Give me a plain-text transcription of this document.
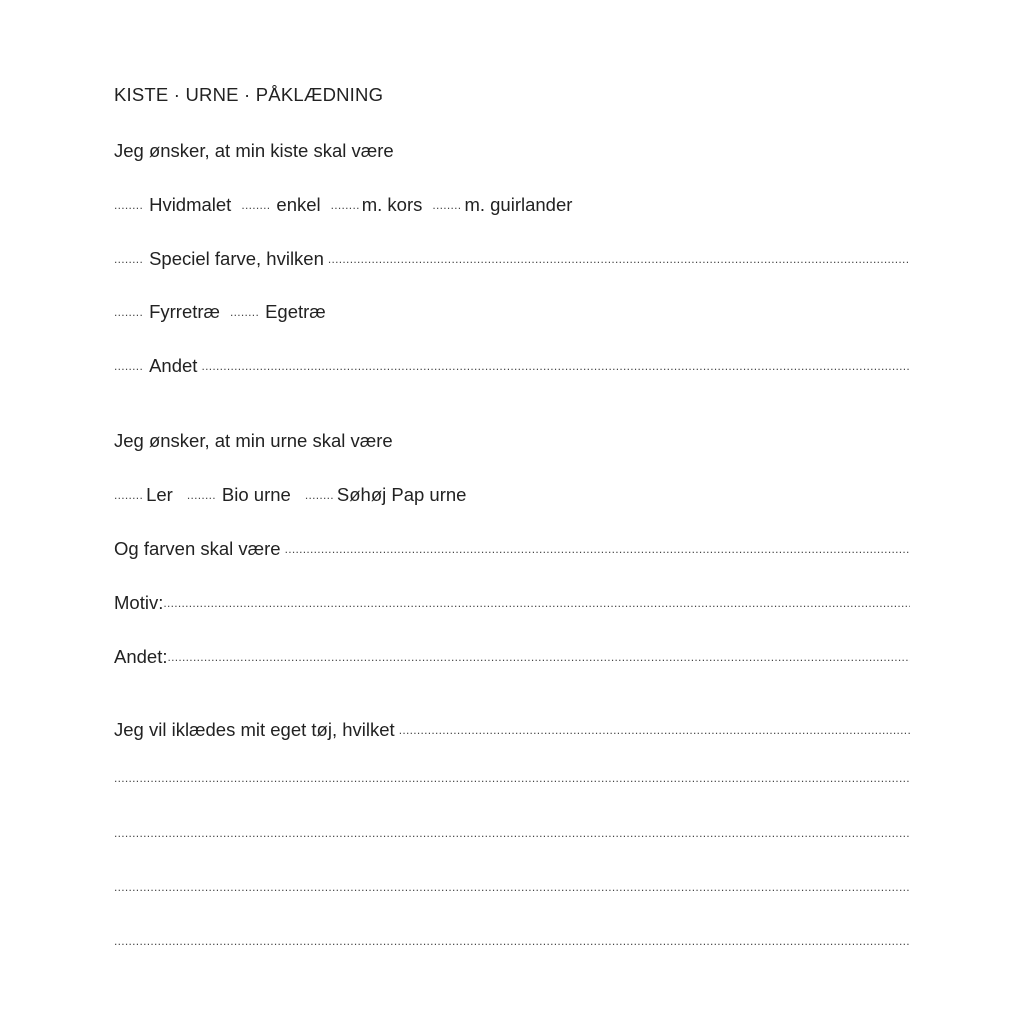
KISTE · URNE · PÅKLÆDNING
Jeg ønsker, at min kiste skal være
........ Hvidmalet ........ enkel ........ m. kors ........ m. guirlander
........ Speciel farve, hvilken
.....
........ Fyrretræ ........ Egetræ
........ Andet
.....
Jeg ønsker, at min urne skal være
........ Ler ........ Bio urne ........ Søhøj Pap urne
Og farven skal være
.....
Motiv:
.....
Andet:
.....
Jeg vil iklædes mit eget tøj, hvilket
.....
.....
.....
.....
.....
